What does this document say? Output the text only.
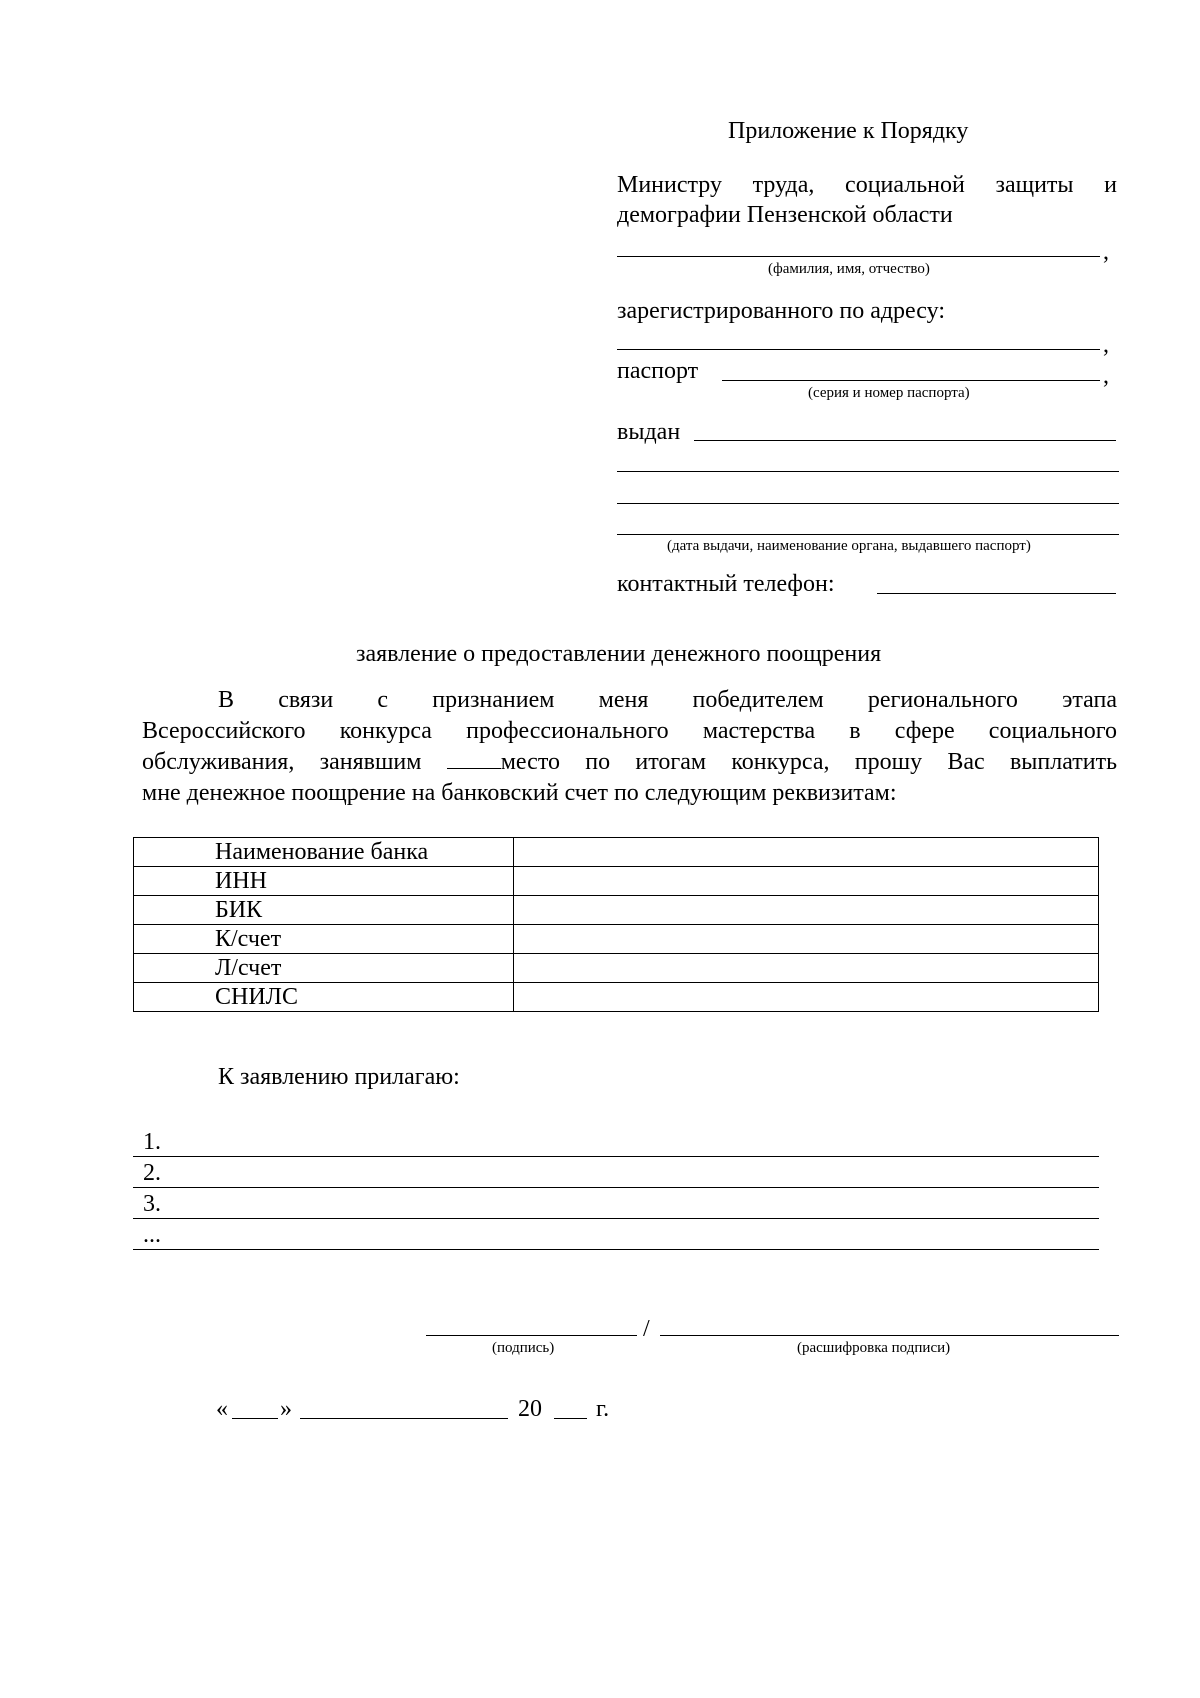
Приложение к Порядку
Министру труда, социальной защиты и
демографии Пензенской области
,
(фамилия, имя, отчество)
зарегистрированного по адресу:
,
паспорт	,
(серия и номер паспорта)
выдан
(дата выдачи, наименование органа, выдавшего паспорт)
контактный телефон:
заявление о предоставлении денежного поощрения
В связи с признанием меня победителем регионального этапа
Всероссийского конкурса профессионального мастерства в сфере социального
обслуживания, занявшим	место по итогам конкурса, прошу Вас выплатить
мне денежное поощрение на банковский счет по следующим реквизитам:
Наименование банка	
ИНН	
БИК	
К/счет	
Л/счет	
СНИЛС	
К заявлению прилагаю:
1.
2.
3.
...
/
(подпись)	(расшифровка подписи)
« »	20 г.
